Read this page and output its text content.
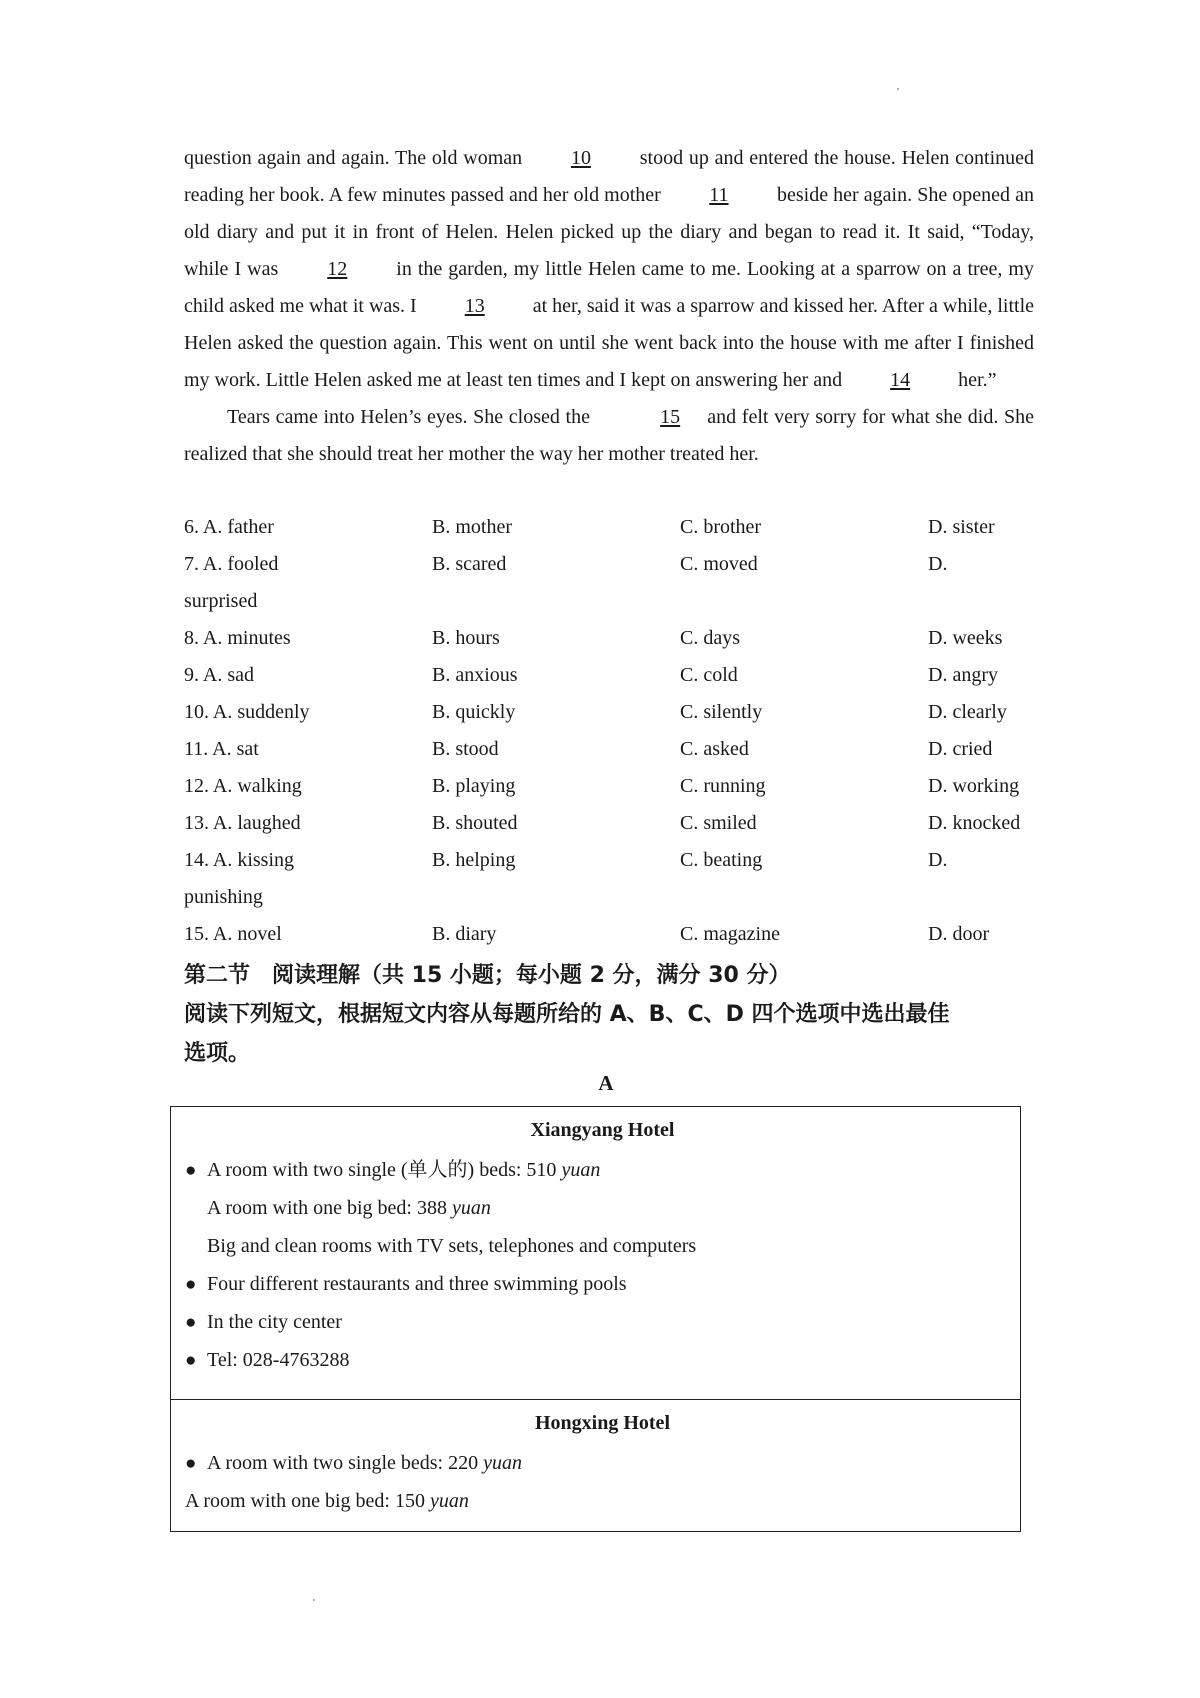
question again and again. The old woman 10 stood up and entered the house. Helen continued reading her book. A few minutes passed and her old mother 11 beside her again. She opened an old diary and put it in front of Helen. Helen picked up the diary and began to read it. It said, “Today, while I was 12 in the garden, my little Helen came to me. Looking at a sparrow on a tree, my child asked me what it was. I 13 at her, said it was a sparrow and kissed her. After a while, little Helen asked the question again. This went on until she went back into the house with me after I finished my work. Little Helen asked me at least ten times and I kept on answering her and 14 her.”

Tears came into Helen’s eyes. She closed the	15 and felt very sorry for what she did. She realized that she should treat her mother the way her mother treated her.

6. A. father	B. mother	C. brother	D. sister
7. A. fooled	B. scared	C. moved	D.
surprised
8. A. minutes	B. hours	C. days	D. weeks
9. A. sad	B. anxious	C. cold	D. angry
10. A. suddenly	B. quickly	C. silently	D. clearly
11. A. sat	B. stood	C. asked	D. cried
12. A. walking	B. playing	C. running	D. working
13. A. laughed	B. shouted	C. smiled	D. knocked
14. A. kissing	B. helping	C. beating	D.
punishing
15. A. novel	B. diary	C. magazine	D. door
第二节　阅读理解（共 15 小题；每小题 2 分，满分 30 分）
阅读下列短文，根据短文内容从每题所给的 A、B、C、D 四个选项中选出最佳
选项。
A
Xiangyang Hotel
● A room with two single (单人的) beds: 510 yuan
A room with one big bed: 388 yuan
Big and clean rooms with TV sets, telephones and computers
● Four different restaurants and three swimming pools
● In the city center
● Tel: 028-4763288
Hongxing Hotel
● A room with two single beds: 220 yuan
A room with one big bed: 150 yuan
